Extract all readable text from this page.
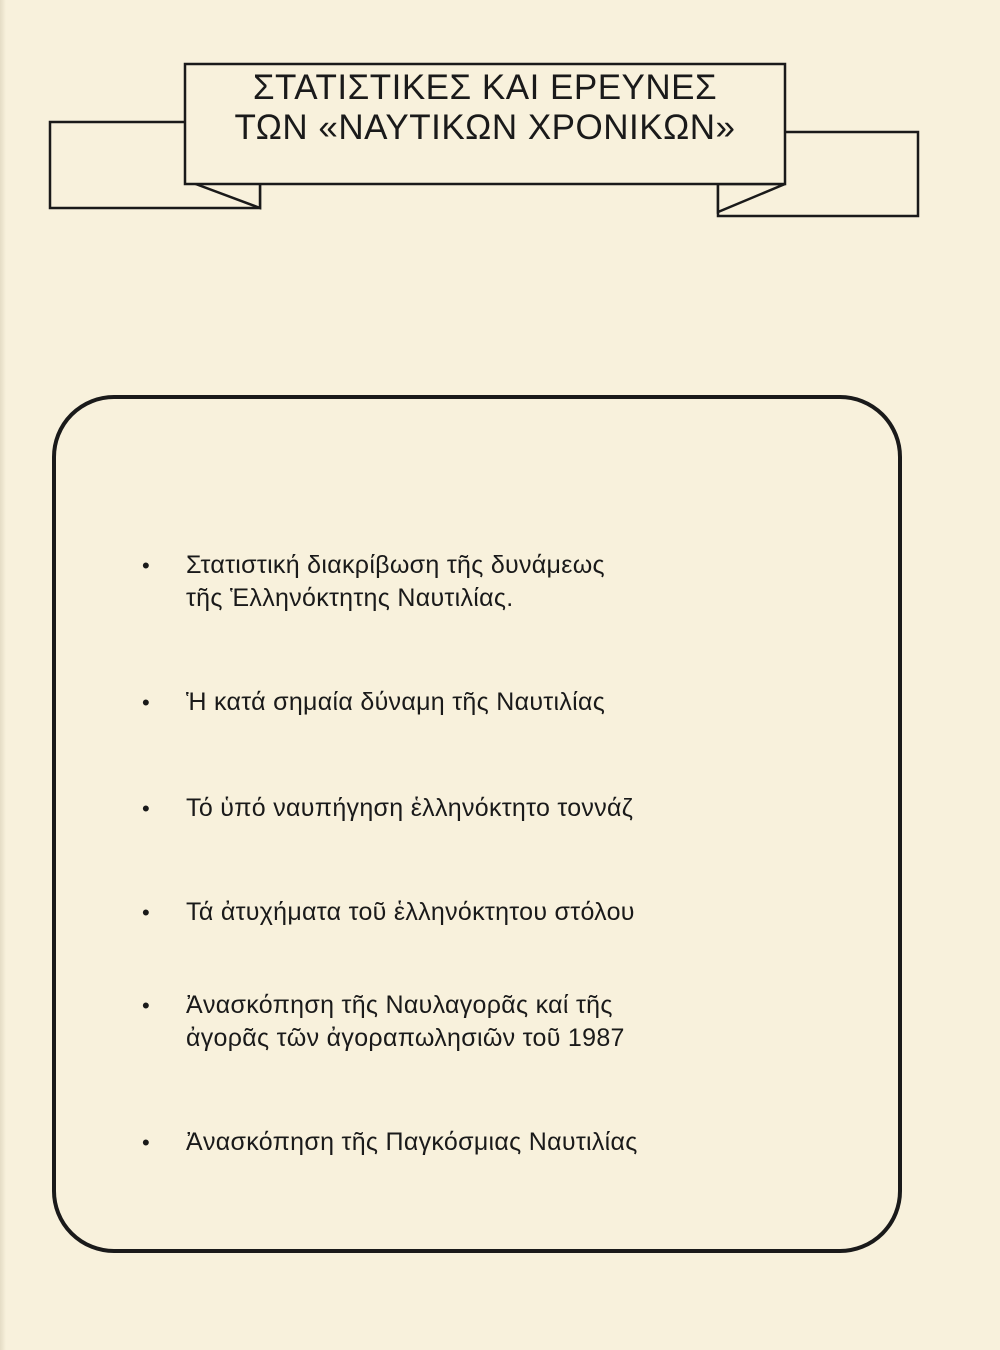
ΣΤΑΤΙΣΤΙΚΕΣ ΚΑΙ ΕΡΕΥΝΕΣ
ΤΩΝ «ΝΑΥΤΙΚΩΝ ΧΡΟΝΙΚΩΝ»
• Στατιστική διακρίβωση τῆς δυνάμεως
τῆς Ἑλληνόκτητης Ναυτιλίας.
• Ἡ κατά σημαία δύναμη τῆς Ναυτιλίας
• Τό ὑπό ναυπήγηση ἑλληνόκτητο τοννάζ
• Τά ἀτυχήματα τοῦ ἑλληνόκτητου στόλου
• Ἀνασκόπηση τῆς Ναυλαγορᾶς καί τῆς
ἀγορᾶς τῶν ἀγοραπωλησιῶν τοῦ 1987
• Ἀνασκόπηση τῆς Παγκόσμιας Ναυτιλίας
